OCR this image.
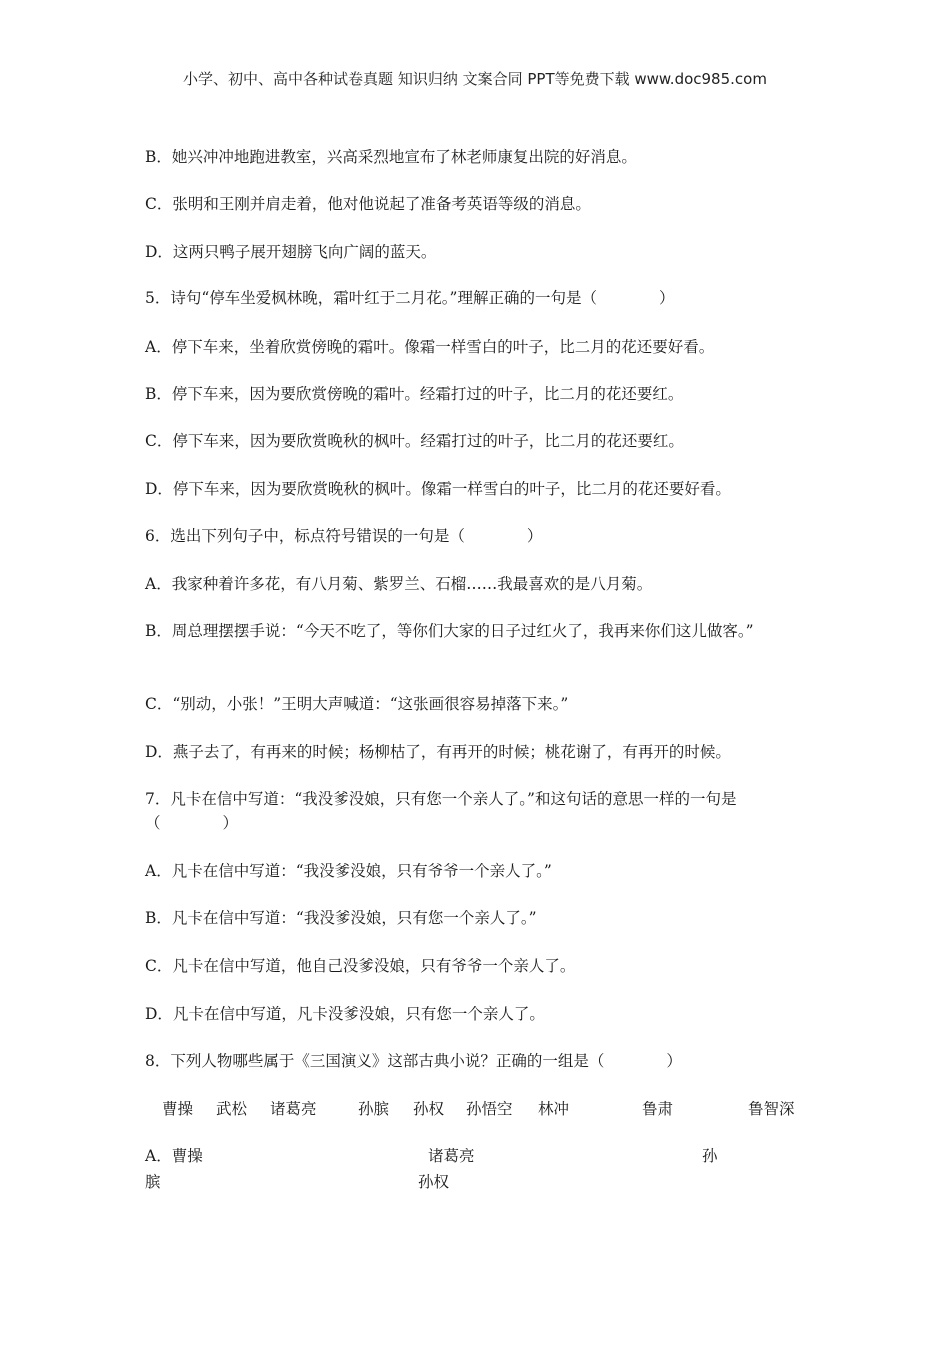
小学、初中、高中各种试卷真题 知识归纳 文案合同 PPT等免费下载 www.doc985.com
B．她兴冲冲地跑进教室，兴高采烈地宣布了林老师康复出院的好消息。
C．张明和王刚并肩走着，他对他说起了准备考英语等级的消息。
D．这两只鸭子展开翅膀飞向广阔的蓝天。
5．诗句“停车坐爱枫林晚，霜叶红于二月花。”理解正确的一句是（　　　　）
A．停下车来，坐着欣赏傍晚的霜叶。像霜一样雪白的叶子，比二月的花还要好看。
B．停下车来，因为要欣赏傍晚的霜叶。经霜打过的叶子，比二月的花还要红。
C．停下车来，因为要欣赏晚秋的枫叶。经霜打过的叶子，比二月的花还要红。
D．停下车来，因为要欣赏晚秋的枫叶。像霜一样雪白的叶子，比二月的花还要好看。
6．选出下列句子中，标点符号错误的一句是（　　　　）
A．我家种着许多花，有八月菊、紫罗兰、石榴……我最喜欢的是八月菊。
B．周总理摆摆手说：“今天不吃了，等你们大家的日子过红火了，我再来你们这儿做客。”
C．“别动，小张！”王明大声喊道：“这张画很容易掉落下来。”
D．燕子去了，有再来的时候；杨柳枯了，有再开的时候；桃花谢了，有再开的时候。
7．凡卡在信中写道：“我没爹没娘，只有您一个亲人了。”和这句话的意思一样的一句是（　　　　）
A．凡卡在信中写道：“我没爹没娘，只有爷爷一个亲人了。”
B．凡卡在信中写道：“我没爹没娘，只有您一个亲人了。”
C．凡卡在信中写道，他自己没爹没娘，只有爷爷一个亲人了。
D．凡卡在信中写道，凡卡没爹没娘，只有您一个亲人了。
8．下列人物哪些属于《三国演义》这部古典小说？正确的一组是（　　　　）
曹操 武松 诸葛亮	孙膑 孙权 孙悟空 林冲	鲁肃	鲁智深
A．曹操	诸葛亮	孙
膑	孙权
